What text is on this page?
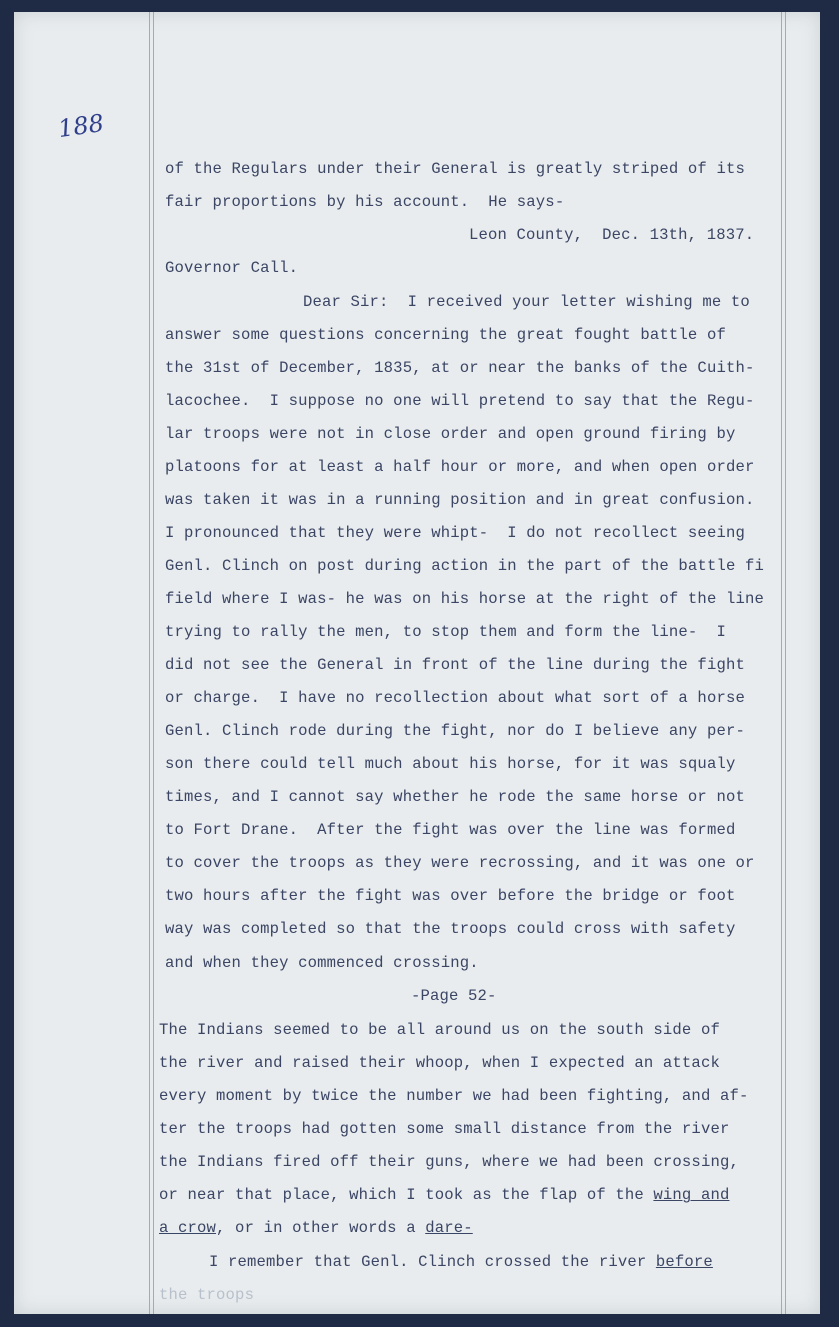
188
of the Regulars under their General is greatly striped of its
fair proportions by his account.  He says-
Leon County,  Dec. 13th, 1837.
Governor Call.
Dear Sir:  I received your letter wishing me to
answer some questions concerning the great fought battle of
the 31st of December, 1835, at or near the banks of the Cuith-
lacochee.  I suppose no one will pretend to say that the Regu-
lar troops were not in close order and open ground firing by
platoons for at least a half hour or more, and when open order
was taken it was in a running position and in great confusion.
I pronounced that they were whipt-  I do not recollect seeing
Genl. Clinch on post during action in the part of the battle fi
field where I was- he was on his horse at the right of the line
trying to rally the men, to stop them and form the line-  I
did not see the General in front of the line during the fight
or charge.  I have no recollection about what sort of a horse
Genl. Clinch rode during the fight, nor do I believe any per-
son there could tell much about his horse, for it was squaly
times, and I cannot say whether he rode the same horse or not
to Fort Drane.  After the fight was over the line was formed
to cover the troops as they were recrossing, and it was one or
two hours after the fight was over before the bridge or foot
way was completed so that the troops could cross with safety
and when they commenced crossing.
-Page 52-
The Indians seemed to be all around us on the south side of
the river and raised their whoop, when I expected an attack
every moment by twice the number we had been fighting, and af-
ter the troops had gotten some small distance from the river
the Indians fired off their guns, where we had been crossing,
or near that place, which I took as the flap of the wing and
a crow, or in other words a dare-
I remember that Genl. Clinch crossed the river before
the troops
